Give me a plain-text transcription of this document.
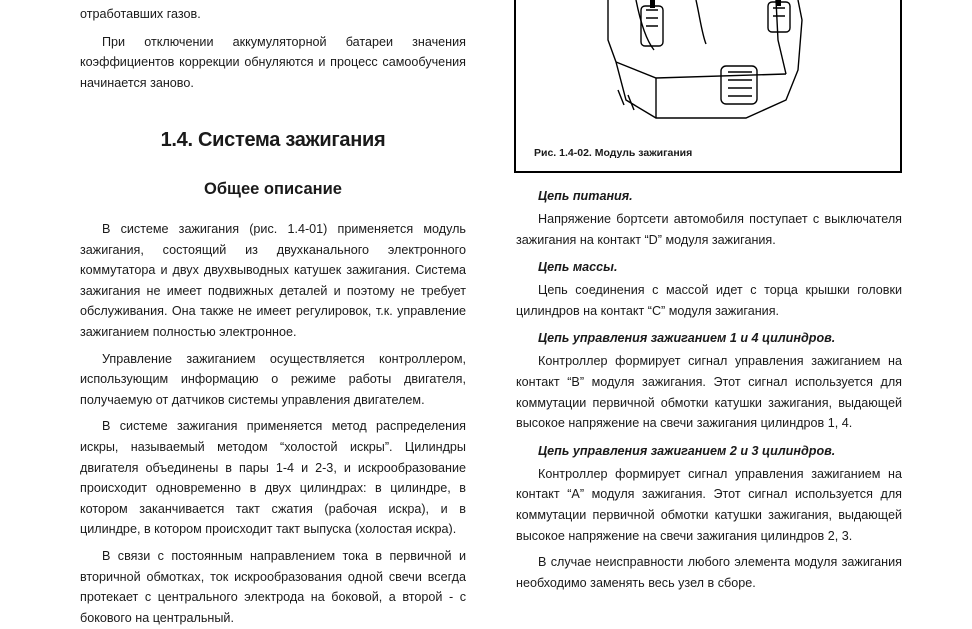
отработавших газов.

При отключении аккумуляторной батареи значения коэффициентов коррекции обнуляются и процесс самообучения начинается заново.

1.4. Система зажигания
Общее описание

В системе зажигания (рис. 1.4-01) применяется модуль зажигания, состоящий из двухканального электронного коммутатора и двух двухвыводных катушек зажигания. Система зажигания не имеет подвижных деталей и поэтому не требует обслуживания. Она также не имеет регулировок, т.к. управление зажиганием полностью электронное.

Управление зажиганием осуществляется контроллером, использующим информацию о режиме работы двигателя, получаемую от датчиков системы управления двигателем.

В системе зажигания применяется метод распределения искры, называемый методом “холостой искры”. Цилиндры двигателя объединены в пары 1-4 и 2-3, и искрообразование происходит одновременно в двух цилиндрах: в цилиндре, в котором заканчивается такт сжатия (рабочая искра), и в цилиндре, в котором происходит такт выпуска (холостая искра).

В связи с постоянным направлением тока в первичной и вторичной обмотках, ток искрообразования одной свечи всегда протекает с центрального электрода на боковой, а второй - с бокового на центральный.

Рис. 1.4-02. Модуль зажигания

Цепь питания.

Напряжение бортсети автомобиля поступает с выключателя зажигания на контакт “D” модуля зажигания.

Цепь массы.

Цепь соединения с массой идет с торца крышки головки цилиндров на контакт “C” модуля зажигания.

Цепь управления зажиганием 1 и 4 цилиндров.

Контроллер формирует сигнал управления зажиганием на контакт “B” модуля зажигания. Этот сигнал используется для коммутации первичной обмотки катушки зажигания, выдающей высокое напряжение на свечи зажигания цилиндров 1, 4.

Цепь управления зажиганием 2 и 3 цилиндров.

Контроллер формирует сигнал управления зажиганием на контакт “A” модуля зажигания. Этот сигнал используется для коммутации первичной обмотки катушки зажигания, выдающей высокое напряжение на свечи зажигания цилиндров 2, 3.

В случае неисправности любого элемента модуля зажигания необходимо заменять весь узел в сборе.
